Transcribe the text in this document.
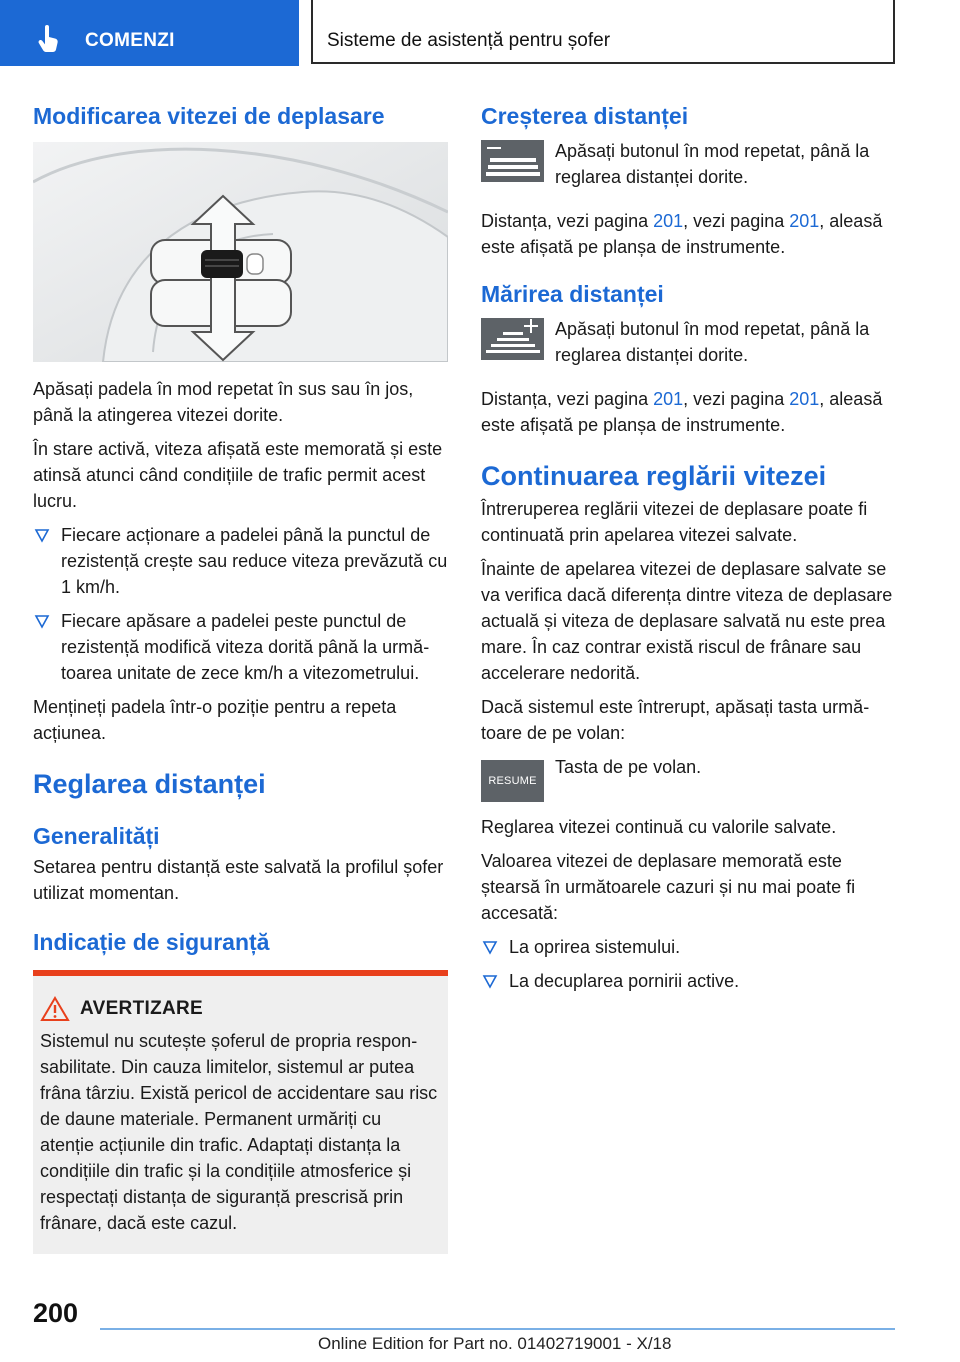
COMENZI	Sisteme de asistență pentru șofer
Modificarea vitezei de deplasare

Apăsați padela în mod repetat în sus sau în jos, până la atingerea vitezei dorite.

În stare activă, viteza afișată este memorată și este atinsă atunci când condițiile de trafic permit acest lucru.

Fiecare acționare a padelei până la punctul de rezistență crește sau reduce viteza prevăzută cu 1 km/h.
Fiecare apăsare a padelei peste punctul de rezistență modifică viteza dorită până la următoarea unitate de zece km/h a vitezometrului.

Mențineți padela într-o poziție pentru a repeta acțiunea.

Reglarea distanței
Generalități

Setarea pentru distanță este salvată la profilul șofer utilizat momentan.

Indicație de siguranță
AVERTIZARE

Sistemul nu scutește șoferul de propria responsabilitate. Din cauza limitelor, sistemul ar putea frâna târziu. Există pericol de accidentare sau risc de daune materiale. Permanent urmăriți cu atenție acțiunile din trafic. Adaptați distanța la condițiile din trafic și la condițiile atmosferice și respectați distanța de siguranță prescrisă prin frânare, dacă este cazul.

Creșterea distanței
Apăsați butonul în mod repetat, până la reglarea distanței dorite.

Distanța, vezi pagina 201, vezi pagina 201, aleasă este afișată pe planșa de instrumente.

Mărirea distanței
Apăsați butonul în mod repetat, până la reglarea distanței dorite.

Distanța, vezi pagina 201, vezi pagina 201, aleasă este afișată pe planșa de instrumente.

Continuarea reglării vitezei

Întreruperea reglării vitezei de deplasare poate fi continuată prin apelarea vitezei salvate.

Înainte de apelarea vitezei de deplasare salvate se va verifica dacă diferența dintre viteza de deplasare actuală și viteza de deplasare salvată nu este prea mare. În caz contrar există riscul de frânare sau accelerare nedorită.

Dacă sistemul este întrerupt, apăsați tasta următoare de pe volan:

RESUME
Tasta de pe volan.

Reglarea vitezei continuă cu valorile salvate.

Valoarea vitezei de deplasare memorată este ștearsă în următoarele cazuri și nu mai poate fi accesată:

La oprirea sistemului.
La decuplarea pornirii active.
200
Online Edition for Part no. 01402719001 - X/18
